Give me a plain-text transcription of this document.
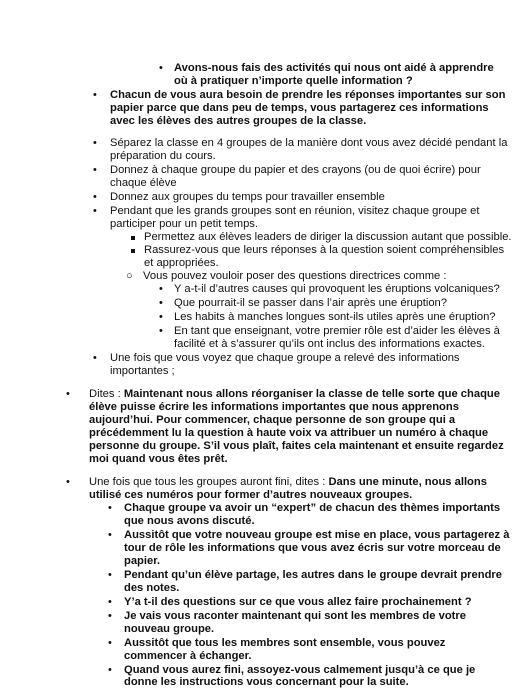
• Avons-nous fais des activités qui nous ont aidé à apprendre
où à pratiquer n’importe quelle information ?
• Chacun de vous aura besoin de prendre les réponses importantes sur son
papier parce que dans peu de temps, vous partagerez ces informations
avec les élèves des autres groupes de la classe.
• Séparez la classe en 4 groupes de la manière dont vous avez décidé pendant la
préparation du cours.
• Donnez à chaque groupe du papier et des crayons (ou de quoi écrire) pour
chaque élève
• Donnez aux groupes du temps pour travailler ensemble
• Pendant que les grands groupes sont en réunion, visitez chaque groupe et
participer pour un petit temps.
Permettez aux élèves leaders de diriger la discussion autant que possible.
Rassurez-vous que leurs réponses à la question soient compréhensibles
et appropriées.
○ Vous pouvez vouloir poser des questions directrices comme :
• Y a-t-il d’autres causes qui provoquent les éruptions volcaniques?
• Que pourrait-il se passer dans l’air après une éruption?
• Les habits à manches longues sont-ils utiles après une éruption?
• En tant que enseignant, votre premier rôle est d’aider les élèves à
facilité et à s’assurer qu’ils ont inclus des informations exactes.
• Une fois que vous voyez que chaque groupe a relevé des informations
importantes ;
• Dites : Maintenant nous allons réorganiser la classe de telle sorte que chaque
élève puisse écrire les informations importantes que nous apprenons
aujourd’hui. Pour commencer, chaque personne de son groupe qui a
précédemment lu la question à haute voix va attribuer un numéro à chaque
personne du groupe. S’il vous plaît, faites cela maintenant et ensuite regardez
moi quand vous êtes prêt.
• Une fois que tous les groupes auront fini, dites : Dans une minute, nous allons
utilisé ces numéros pour former d’autres nouveaux groupes.
• Chaque groupe va avoir un “expert” de chacun des thèmes importants
que nous avons discuté.
• Aussitôt que votre nouveau groupe est mise en place, vous partagerez à
tour de rôle les informations que vous avez écris sur votre morceau de
papier.
• Pendant qu’un élève partage, les autres dans le groupe devrait prendre
des notes.
• Y’a t-il des questions sur ce que vous allez faire prochainement ?
• Je vais vous raconter maintenant qui sont les membres de votre
nouveau groupe.
• Aussitôt que tous les membres sont ensemble, vous pouvez
commencer à échanger.
• Quand vous aurez fini, assoyez-vous calmement jusqu’à ce que je
donne les instructions vous concernant pour la suite.
